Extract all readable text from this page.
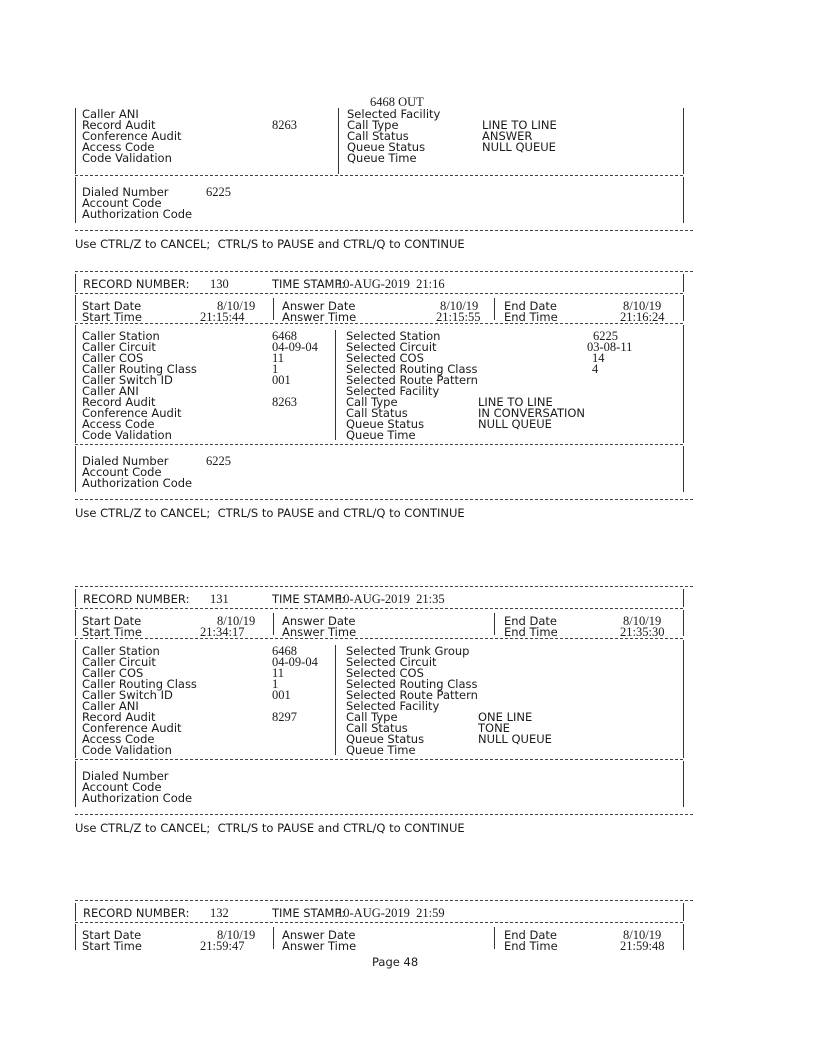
6468 OUT
Caller ANI
Record Audit	8263
Conference Audit
Access Code
Code Validation
Selected Facility
Call Type	LINE TO LINE
Call Status	ANSWER
Queue Status	NULL QUEUE
Queue Time
Dialed Number	6225
Account Code
Authorization Code
Use CTRL/Z to CANCEL;  CTRL/S to PAUSE and CTRL/Q to CONTINUE
RECORD NUMBER: 130	TIME STAMP:
10-AUG-2019  21:16
Start Date	8/10/19
Start Time	21:15:44
Answer Date	8/10/19
Answer Time	21:15:55
End Date	8/10/19
End Time	21:16:24
Caller Station	6468
Caller Circuit	04-09-04
Caller COS	11
Caller Routing Class	1
Caller Switch ID	001
Caller ANI
Record Audit	8263
Conference Audit
Access Code
Code Validation
Selected Station	6225
Selected Circuit	03-08-11
Selected COS	14
Selected Routing Class	4
Selected Route Pattern
Selected Facility
Call Type	LINE TO LINE
Call Status	IN CONVERSATION
Queue Status	NULL QUEUE
Queue Time
Dialed Number	6225
Account Code
Authorization Code
Use CTRL/Z to CANCEL;  CTRL/S to PAUSE and CTRL/Q to CONTINUE
RECORD NUMBER: 131	TIME STAMP:
10-AUG-2019  21:35
Start Date	8/10/19
Start Time	21:34:17
Answer Date
Answer Time
End Date	8/10/19
End Time	21:35:30
Caller Station	6468
Caller Circuit	04-09-04
Caller COS	11
Caller Routing Class	1
Caller Switch ID	001
Caller ANI
Record Audit	8297
Conference Audit
Access Code
Code Validation
Selected Trunk Group
Selected Circuit
Selected COS
Selected Routing Class
Selected Route Pattern
Selected Facility
Call Type	ONE LINE
Call Status	TONE
Queue Status	NULL QUEUE
Queue Time
Dialed Number
Account Code
Authorization Code
Use CTRL/Z to CANCEL;  CTRL/S to PAUSE and CTRL/Q to CONTINUE
RECORD NUMBER: 132	TIME STAMP:
10-AUG-2019  21:59
Start Date	8/10/19
Start Time	21:59:47
Answer Date
Answer Time
End Date	8/10/19
End Time	21:59:48
Page 48
